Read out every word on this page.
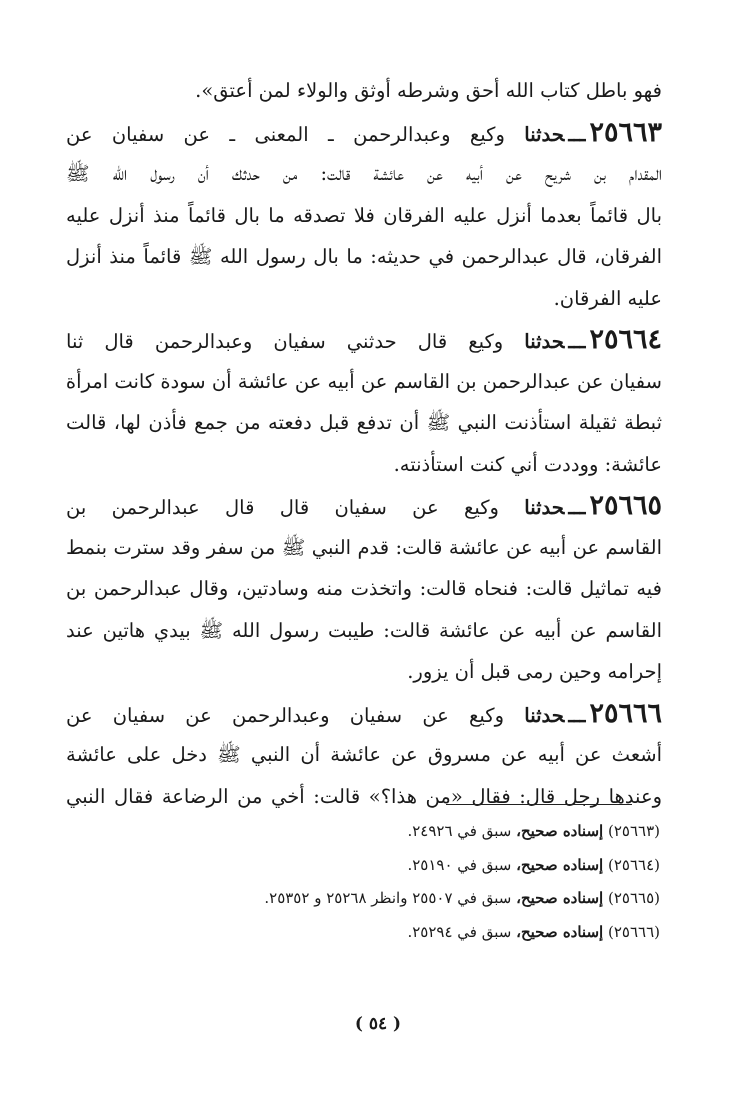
فهو باطل كتاب الله أحق وشرطه أوثق والولاء لمن أعتق».
٢٥٦٦٣ـــحدثنا وكيع وعبدالرحمن ـ المعنى ـ عن سفيان عن
المقدام بن شريح عن أبيه عن عائشة قالت: من حدثك أن رسول الله ﷺ
بال قائماً بعدما أنزل عليه الفرقان فلا تصدقه ما بال قائماً منذ أنزل عليه
الفرقان، قال عبدالرحمن في حديثه: ما بال رسول الله ﷺ قائماً منذ أنزل
عليه الفرقان.
٢٥٦٦٤ـــحدثنا وكيع قال حدثني سفيان وعبدالرحمن قال ثنا
سفيان عن عبدالرحمن بن القاسم عن أبيه عن عائشة أن سودة كانت امرأة
ثبطة ثقيلة استأذنت النبي ﷺ أن تدفع قبل دفعته من جمع فأذن لها، قالت
عائشة: ووددت أني كنت استأذنته.
٢٥٦٦٥ـــحدثنا وكيع عن سفيان قال قال عبدالرحمن بن
القاسم عن أبيه عن عائشة قالت: قدم النبي ﷺ من سفر وقد سترت بنمط
فيه تماثيل قالت: فنحاه قالت: واتخذت منه وسادتين، وقال عبدالرحمن بن
القاسم عن أبيه عن عائشة قالت: طيبت رسول الله ﷺ بيدي هاتين عند
إحرامه وحين رمى قبل أن يزور.
٢٥٦٦٦ـــحدثنا وكيع عن سفيان وعبدالرحمن عن سفيان عن
أشعث عن أبيه عن مسروق عن عائشة أن النبي ﷺ دخل على عائشة
وعندها رجل قال: فقال «من هذا؟» قالت: أخي من الرضاعة فقال النبي
(٢٥٦٦٣) إسناده صحيح، سبق في ٢٤٩٢٦.
(٢٥٦٦٤) إسناده صحيح، سبق في ٢٥١٩٠.
(٢٥٦٦٥) إسناده صحيح، سبق في ٢٥٥٠٧ وانظر ٢٥٢٦٨ و ٢٥٣٥٢.
(٢٥٦٦٦) إسناده صحيح، سبق في ٢٥٢٩٤.
( ٥٤ )
